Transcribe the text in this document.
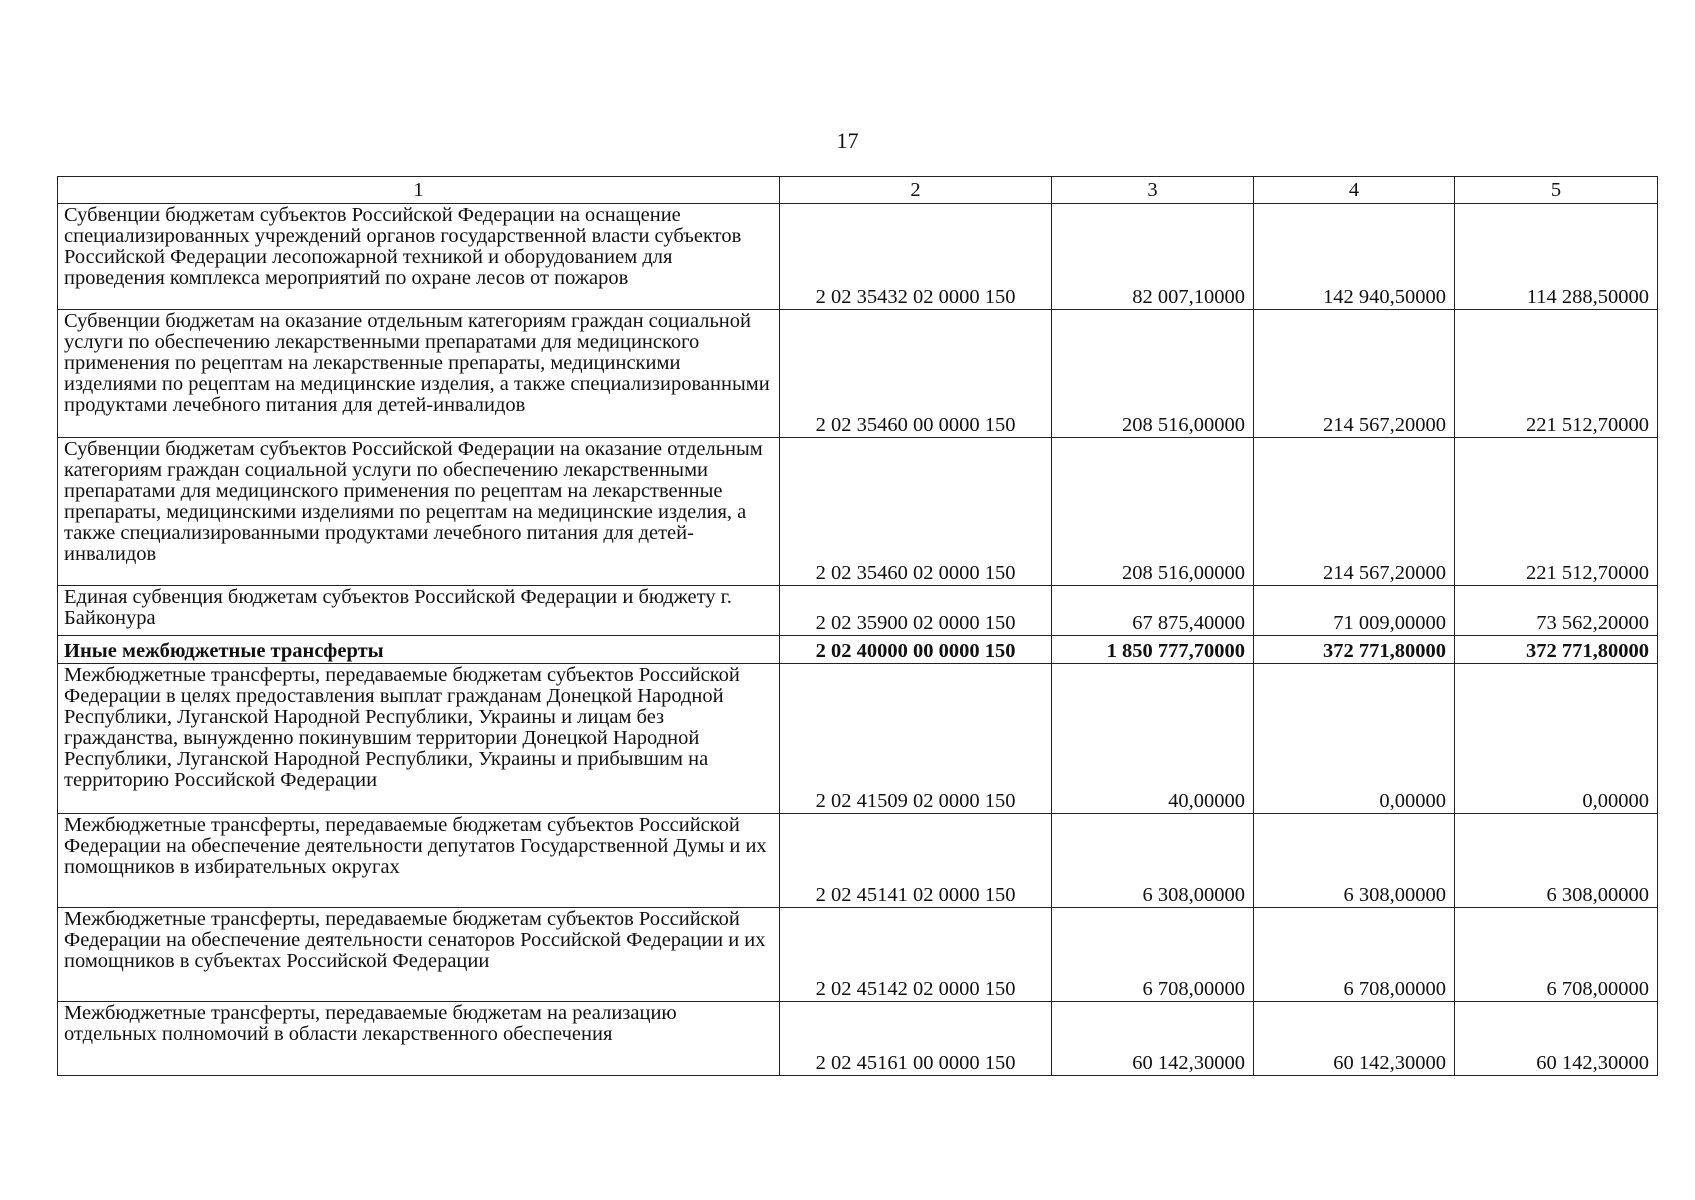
17
1	2	3	4	5
Субвенции бюджетам субъектов Российской Федерации на оснащение специализированных учреждений органов государственной власти субъектов Российской Федерации лесопожарной техникой и оборудованием для проведения комплекса мероприятий по охране лесов от пожаров	2 02 35432 02 0000 150	82 007,10000	142 940,50000	114 288,50000
Субвенции бюджетам на оказание отдельным категориям граждан социальной услуги по обеспечению лекарственными препаратами для медицинского применения по рецептам на лекарственные препараты, медицинскими изделиями по рецептам на медицинские изделия, а также специализированными продуктами лечебного питания для детей-инвалидов	2 02 35460 00 0000 150	208 516,00000	214 567,20000	221 512,70000
Субвенции бюджетам субъектов Российской Федерации на оказание отдельным категориям граждан социальной услуги по обеспечению лекарственными препаратами для медицинского применения по рецептам на лекарственные препараты, медицинскими изделиями по рецептам на медицинские изделия, а также специализированными продуктами лечебного питания для детей-инвалидов	2 02 35460 02 0000 150	208 516,00000	214 567,20000	221 512,70000
Единая субвенция бюджетам субъектов Российской Федерации и бюджету г. Байконура	2 02 35900 02 0000 150	67 875,40000	71 009,00000	73 562,20000
Иные межбюджетные трансферты	2 02 40000 00 0000 150	1 850 777,70000	372 771,80000	372 771,80000
Межбюджетные трансферты, передаваемые бюджетам субъектов Российской Федерации в целях предоставления выплат гражданам Донецкой Народной Республики, Луганской Народной Республики, Украины и лицам без гражданства, вынужденно покинувшим территории Донецкой Народной Республики, Луганской Народной Республики, Украины и прибывшим на территорию Российской Федерации	2 02 41509 02 0000 150	40,00000	0,00000	0,00000
Межбюджетные трансферты, передаваемые бюджетам субъектов Российской Федерации на обеспечение деятельности депутатов Государственной Думы и их помощников в избирательных округах	2 02 45141 02 0000 150	6 308,00000	6 308,00000	6 308,00000
Межбюджетные трансферты, передаваемые бюджетам субъектов Российской Федерации на обеспечение деятельности сенаторов Российской Федерации и их помощников в субъектах Российской Федерации	2 02 45142 02 0000 150	6 708,00000	6 708,00000	6 708,00000
Межбюджетные трансферты, передаваемые бюджетам на реализацию отдельных полномочий в области лекарственного обеспечения	2 02 45161 00 0000 150	60 142,30000	60 142,30000	60 142,30000
